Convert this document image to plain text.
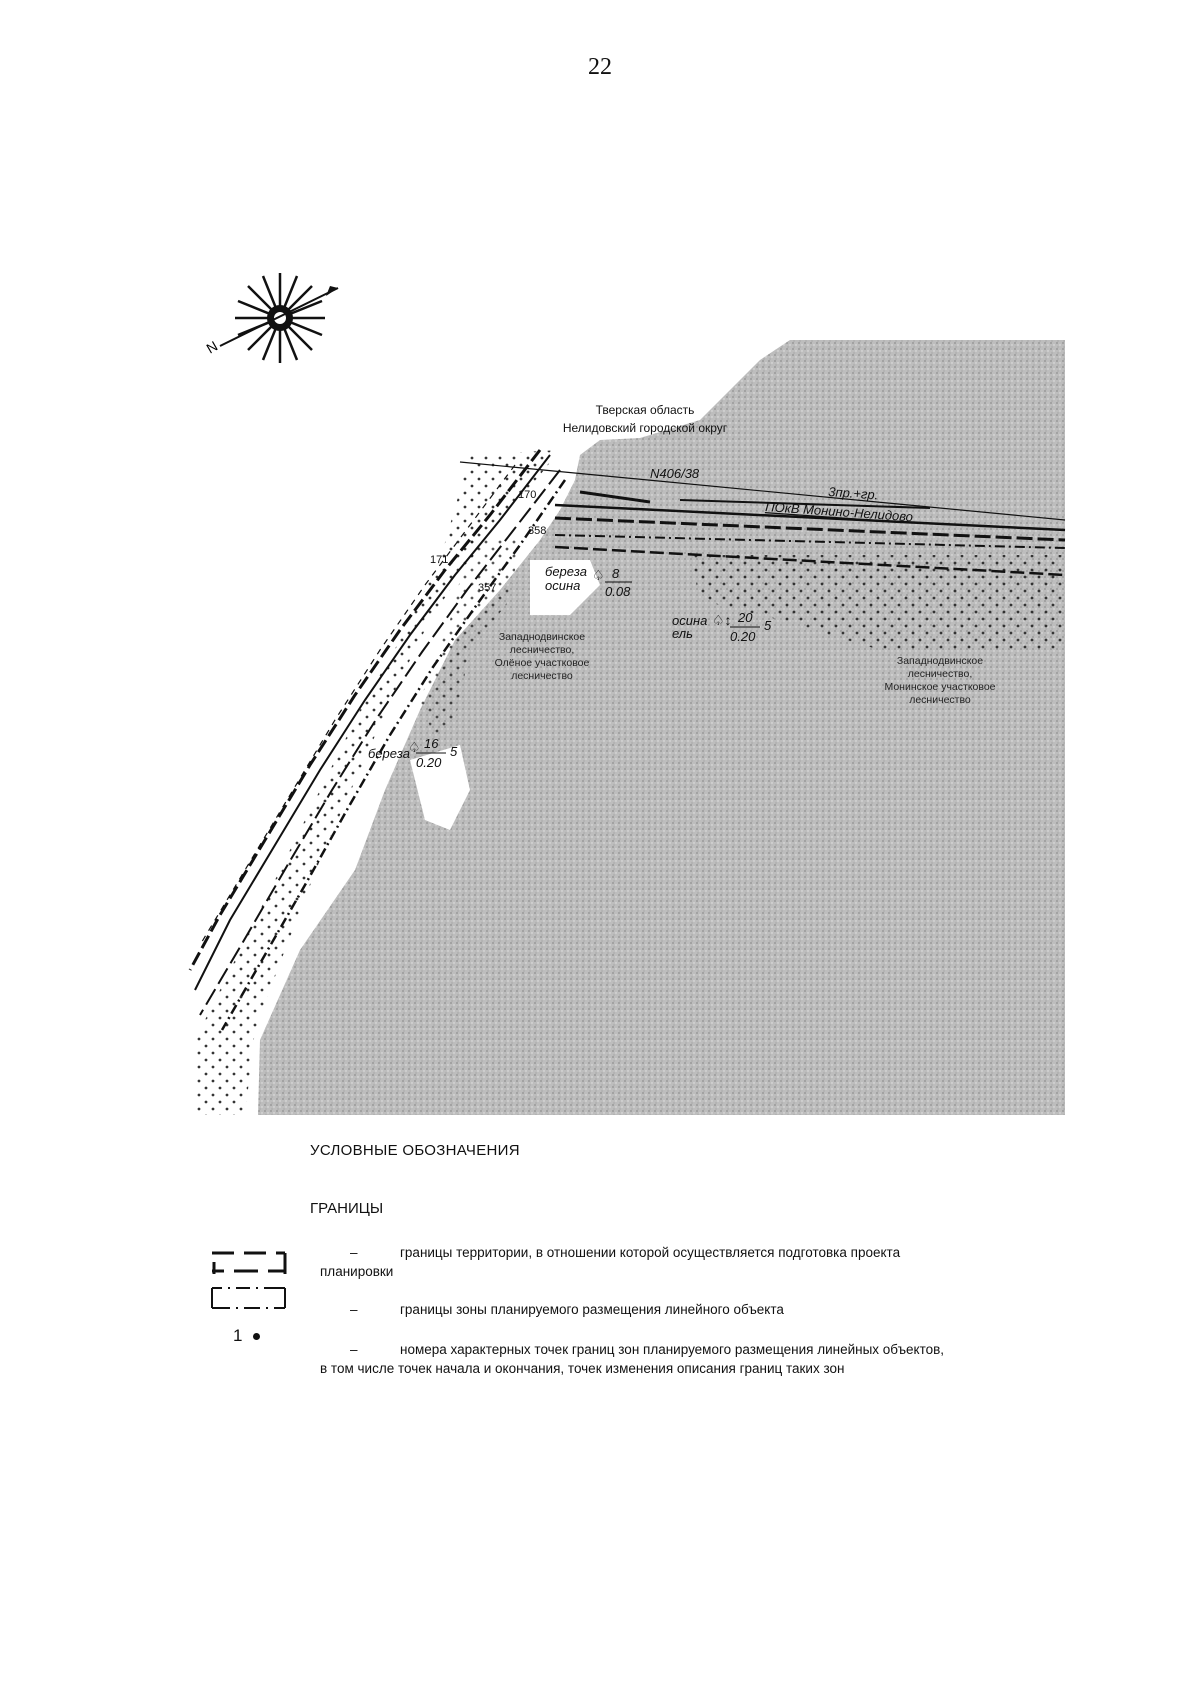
22
N
Тверская область
Нелидовский городской округ
N406/38
3пр.+гр.
ПОкВ Монино-Нелидово
170
171
358
357
береза
осина
♤ 8
0.08
осина
ель
♤↕ 20
0.20
5
береза
♤ 16
0.20
5
Западнодвинское
лесничество,
Олёное участковое
лесничество
Западнодвинское
лесничество,
Монинское участковое
лесничество
УСЛОВНЫЕ ОБОЗНАЧЕНИЯ
ГРАНИЦЫ
–	границы территории, в отношении которой осуществляется подготовка проекта
планировки
–	границы зоны планируемого размещения линейного объекта
1
–	номера характерных точек границ зон планируемого размещения линейных объектов,
в том числе точек начала и окончания, точек изменения описания границ таких зон
